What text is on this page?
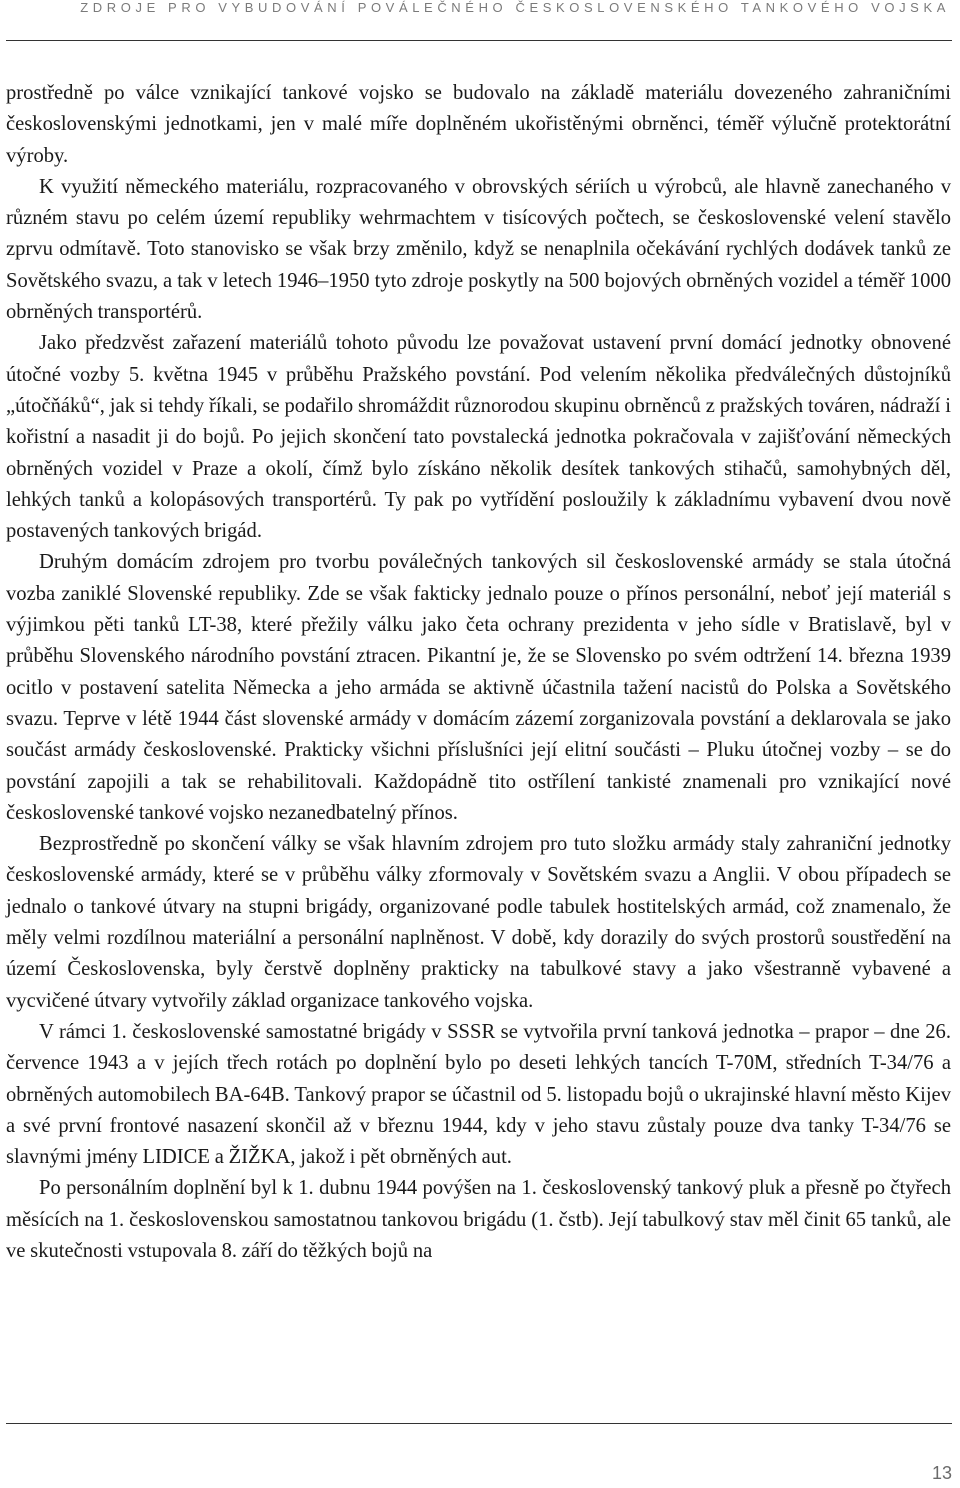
ZDROJE PRO VYBUDOVÁNÍ POVÁLEČNÉHO ČESKOSLOVENSKÉHO TANKOVÉHO VOJSKA

prostředně po válce vznikající tankové vojsko se budovalo na základě materiálu dovezeného zahraničními československými jednotkami, jen v malé míře doplněném ukořistěnými obrněnci, téměř výlučně protektorátní výroby.

K využití německého materiálu, rozpracovaného v obrovských sériích u výrobců, ale hlavně zanechaného v různém stavu po celém území republiky wehrmachtem v tisícových počtech, se československé velení stavělo zprvu odmítavě. Toto stanovisko se však brzy změnilo, když se nenaplnila očekávání rychlých dodávek tanků ze Sovětského svazu, a tak v letech 1946–1950 tyto zdroje poskytly na 500 bojových obrněných vozidel a téměř 1000 obrněných transportérů.

Jako předzvěst zařazení materiálů tohoto původu lze považovat ustavení první domácí jednotky obnovené útočné vozby 5. května 1945 v průběhu Pražského povstání. Pod velením několika předválečných důstojníků „útočňáků“, jak si tehdy říkali, se podařilo shromáždit různorodou skupinu obrněnců z pražských továren, nádraží i kořistní a nasadit ji do bojů. Po jejich skončení tato povstalecká jednotka pokračovala v zajišťování německých obrněných vozidel v Praze a okolí, čímž bylo získáno několik desítek tankových stihačů, samohybných děl, lehkých tanků a kolopásových transportérů. Ty pak po vytřídění posloužily k základnímu vybavení dvou nově postavených tankových brigád.

Druhým domácím zdrojem pro tvorbu poválečných tankových sil československé armády se stala útočná vozba zaniklé Slovenské republiky. Zde se však fakticky jednalo pouze o přínos personální, neboť její materiál s výjimkou pěti tanků LT-38, které přežily válku jako četa ochrany prezidenta v jeho sídle v Bratislavě, byl v průběhu Slovenského národního povstání ztracen. Pikantní je, že se Slovensko po svém odtržení 14. března 1939 ocitlo v postavení satelita Německa a jeho armáda se aktivně účastnila tažení nacistů do Polska a Sovětského svazu. Teprve v létě 1944 část slovenské armády v domácím zázemí zorganizovala povstání a deklarovala se jako součást armády československé. Prakticky všichni příslušníci její elitní součásti – Pluku útočnej vozby – se do povstání zapojili a tak se rehabilitovali. Každopádně tito ostřílení tankisté znamenali pro vznikající nové československé tankové vojsko nezanedbatelný přínos.

Bezprostředně po skončení války se však hlavním zdrojem pro tuto složku armády staly zahraniční jednotky československé armády, které se v průběhu války zformovaly v Sovětském svazu a Anglii. V obou případech se jednalo o tankové útvary na stupni brigády, organizované podle tabulek hostitelských armád, což znamenalo, že měly velmi rozdílnou materiální a personální naplněnost. V době, kdy dorazily do svých prostorů soustředění na území Československa, byly čerstvě doplněny prakticky na tabulkové stavy a jako všestranně vybavené a vycvičené útvary vytvořily základ organizace tankového vojska.

V rámci 1. československé samostatné brigády v SSSR se vytvořila první tanková jednotka – prapor – dne 26. července 1943 a v jejích třech rotách po doplnění bylo po deseti lehkých tancích T-70M, středních T-34/76 a obrněných automobilech BA-64B. Tankový prapor se účastnil od 5. listopadu bojů o ukrajinské hlavní město Kijev a své první frontové nasazení skončil až v březnu 1944, kdy v jeho stavu zůstaly pouze dva tanky T-34/76 se slavnými jmény LIDICE a ŽIŽKA, jakož i pět obrněných aut.

Po personálním doplnění byl k 1. dubnu 1944 povýšen na 1. československý tankový pluk a přesně po čtyřech měsících na 1. československou samostatnou tankovou brigádu (1. čstb). Její tabulkový stav měl činit 65 tanků, ale ve skutečnosti vstupovala 8. září do těžkých bojů na

13
